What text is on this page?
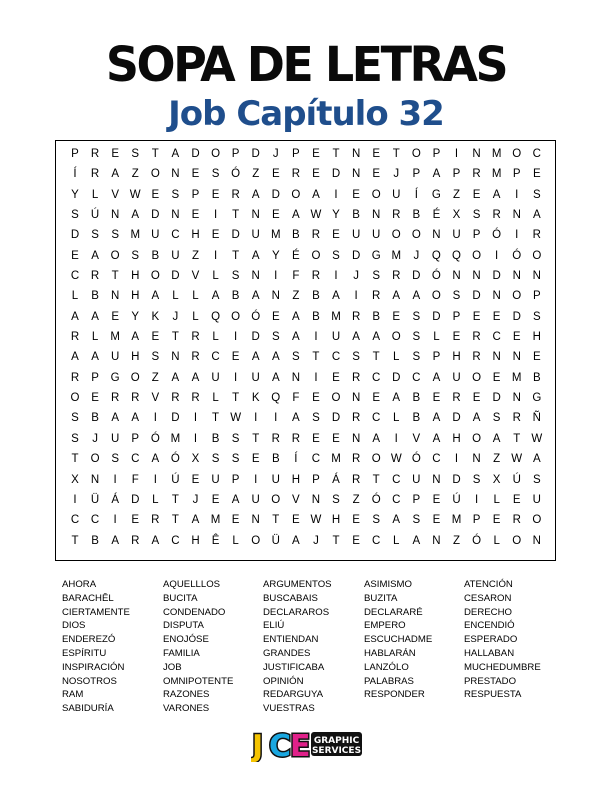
SOPA DE LETRAS
Job Capítulo 32
P	R	E	S	T	A	D O	P	D	J	P	E	T	N	E	T	O	P	I	N M O C
Í	R	A	Z	O N	E	S	Ó	Z	E	R	E	D	N	E	J	P	A	P	R M P	E
Y	L	V W E	S	P	E	R	A	D O	A	I	E	O U	Í	G	Z	E	A	I	S
S	Ú	N	A	D	N	E	I	T	N	E	A W Y	B	N	R	B	É	X	S	R	N	A
D	S	S M U	C	H	E	D	U M B	R	E	U	U O O N	U	P	Ó	I	R
E	A	O	S	B	U	Z	I	T	A	Y	É	O	S	D G M	J	Q Q O	I	Ó O
C	R	T	H O D	V	L	S	N	I	F	R	I	J	S	R	D Ó N	N	D	N	N
L	B	N	H	A	L	L	A	B	A	N	Z	B	A	I	R	A	A	O	S	D	N O	P
A	A	E	Y	K	J	L	Q O Ó	E	A	B M R	B	E	S	D	P	E	E	D	S
R	L	M A	E	T	R	L	I	D	S	A	I	U	A	A	O	S	L	E	R	C	E	H
A	A	U	H	S	N	R	C	E	A	A	S	T	C	S	T	L	S	P	H	R	N	N	E
R	P	G O	Z	A	A	U	I	U	A	N	I	E	R	C	D	C	A	U O	E M B
O	E	R	R	V	R	R	L	T	K	Q	F	E	O N	E	A	B	E	R	E	D	N G
S	B	A	A	I	D	I	T W	I	I	A	S	D	R	C	L	B	A	D	A	S	R	Ñ
S	J	U	P	Ó M	I	B	S	T	R	R	E	E	N	A	I	V	A	H O	A	T W
T	O	S	C	A	Ó	X	S	S	E	B	Í	C M R O W Ó C	I	N	Z W A
X	N	I	F	I	Ú	E	U	P	I	U	H	P	Á	R	T	C	U	N	D	S	X	Ú	S
I	Ü	Á	D	L	T	J	E	A	U O	V	N	S	Z	Ó C	P	E	Ú	I	L	E	U
C	C	I	E	R	T	A M E	N	T	E W H	E	S	A	S	E M P	E	R O
T	B	A	R	A	C	H	Ê	L	O Ü	A	J	T	E	C	L	A	N	Z	Ó	L	O N
AHORA	AQUELLLOS	ARGUMENTOS	ASIMISMO	ATENCIÓN
BARACHÊL	BUCITA	BUSCABAIS	BUZITA	CESARON
CIERTAMENTE	CONDENADO	DECLARAROS	DECLARARÉ	DERECHO
DIOS	DISPUTA	ELIÚ	EMPERO	ENCENDIÓ
ENDEREZÓ	ENOJÓSE	ENTIENDAN	ESCUCHADME	ESPERADO
ESPÍRITU	FAMILIA	GRANDES	HABLARÁN	HALLABAN
INSPIRACIÓN	JOB	JUSTIFICABA	LANZÓLO	MUCHEDUMBRE
NOSOTROS	OMNIPOTENTE	OPINIÓN	PALABRAS	PRESTADO
RAM	RAZONES	REDARGUYA	RESPONDER	RESPUESTA
SABIDURÍA	VARONES	VUESTRAS
J C
E GRAPHIC
SERVICES
